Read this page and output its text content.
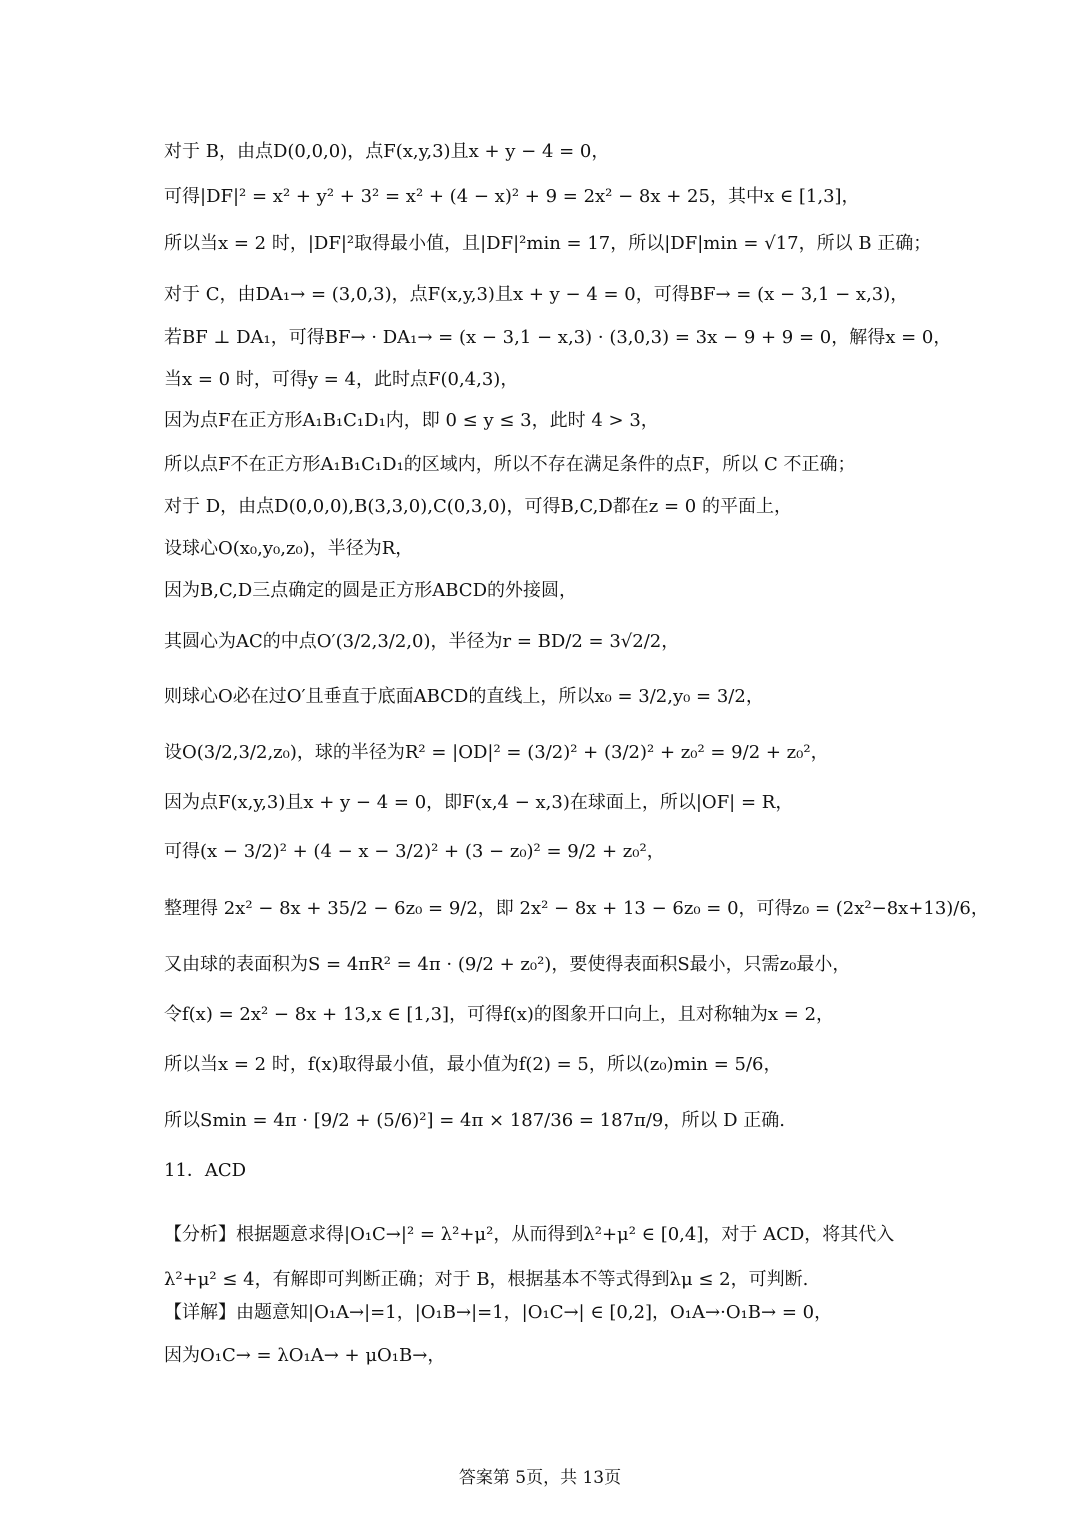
对于 B，由点D(0,0,0)，点F(x,y,3)且x + y − 4 = 0，
可得|DF|² = x² + y² + 3² = x² + (4 − x)² + 9 = 2x² − 8x + 25，其中x ∈ [1,3]，
所以当x = 2 时，|DF|²取得最小值，且|DF|²min = 17，所以|DF|min = √17，所以 B 正确；
对于 C，由DA₁→ = (3,0,3)，点F(x,y,3)且x + y − 4 = 0，可得BF→ = (x − 3,1 − x,3)，
若BF ⊥ DA₁，可得BF→ · DA₁→ = (x − 3,1 − x,3) · (3,0,3) = 3x − 9 + 9 = 0，解得x = 0，
当x = 0 时，可得y = 4，此时点F(0,4,3)，
因为点F在正方形A₁B₁C₁D₁内，即 0 ≤ y ≤ 3，此时 4 > 3，
所以点F不在正方形A₁B₁C₁D₁的区域内，所以不存在满足条件的点F，所以 C 不正确；
对于 D，由点D(0,0,0),B(3,3,0),C(0,3,0)，可得B,C,D都在z = 0 的平面上，
设球心O(x₀,y₀,z₀)，半径为R，
因为B,C,D三点确定的圆是正方形ABCD的外接圆，
其圆心为AC的中点O′(3/2,3/2,0)，半径为r = BD/2 = 3√2/2，
则球心O必在过O′且垂直于底面ABCD的直线上，所以x₀ = 3/2,y₀ = 3/2，
设O(3/2,3/2,z₀)，球的半径为R² = |OD|² = (3/2)² + (3/2)² + z₀² = 9/2 + z₀²，
因为点F(x,y,3)且x + y − 4 = 0，即F(x,4 − x,3)在球面上，所以|OF| = R，
可得(x − 3/2)² + (4 − x − 3/2)² + (3 − z₀)² = 9/2 + z₀²，
整理得 2x² − 8x + 35/2 − 6z₀ = 9/2，即 2x² − 8x + 13 − 6z₀ = 0，可得z₀ = (2x²−8x+13)/6，
又由球的表面积为S = 4πR² = 4π · (9/2 + z₀²)，要使得表面积S最小，只需z₀最小，
令f(x) = 2x² − 8x + 13,x ∈ [1,3]，可得f(x)的图象开口向上，且对称轴为x = 2，
所以当x = 2 时，f(x)取得最小值，最小值为f(2) = 5，所以(z₀)min = 5/6，
所以Smin = 4π · [9/2 + (5/6)²] = 4π × 187/36 = 187π/9，所以 D 正确.
11．ACD
【分析】根据题意求得|O₁C→|² = λ²+μ²，从而得到λ²+μ² ∈ [0,4]，对于 ACD，将其代入λ²+μ² ≤ 4，有解即可判断正确；对于 B，根据基本不等式得到λμ ≤ 2，可判断.
【详解】由题意知|O₁A→|=1，|O₁B→|=1，|O₁C→| ∈ [0,2]，O₁A→·O₁B→ = 0，
因为O₁C→ = λO₁A→ + μO₁B→，
答案第 5页，共 13页
